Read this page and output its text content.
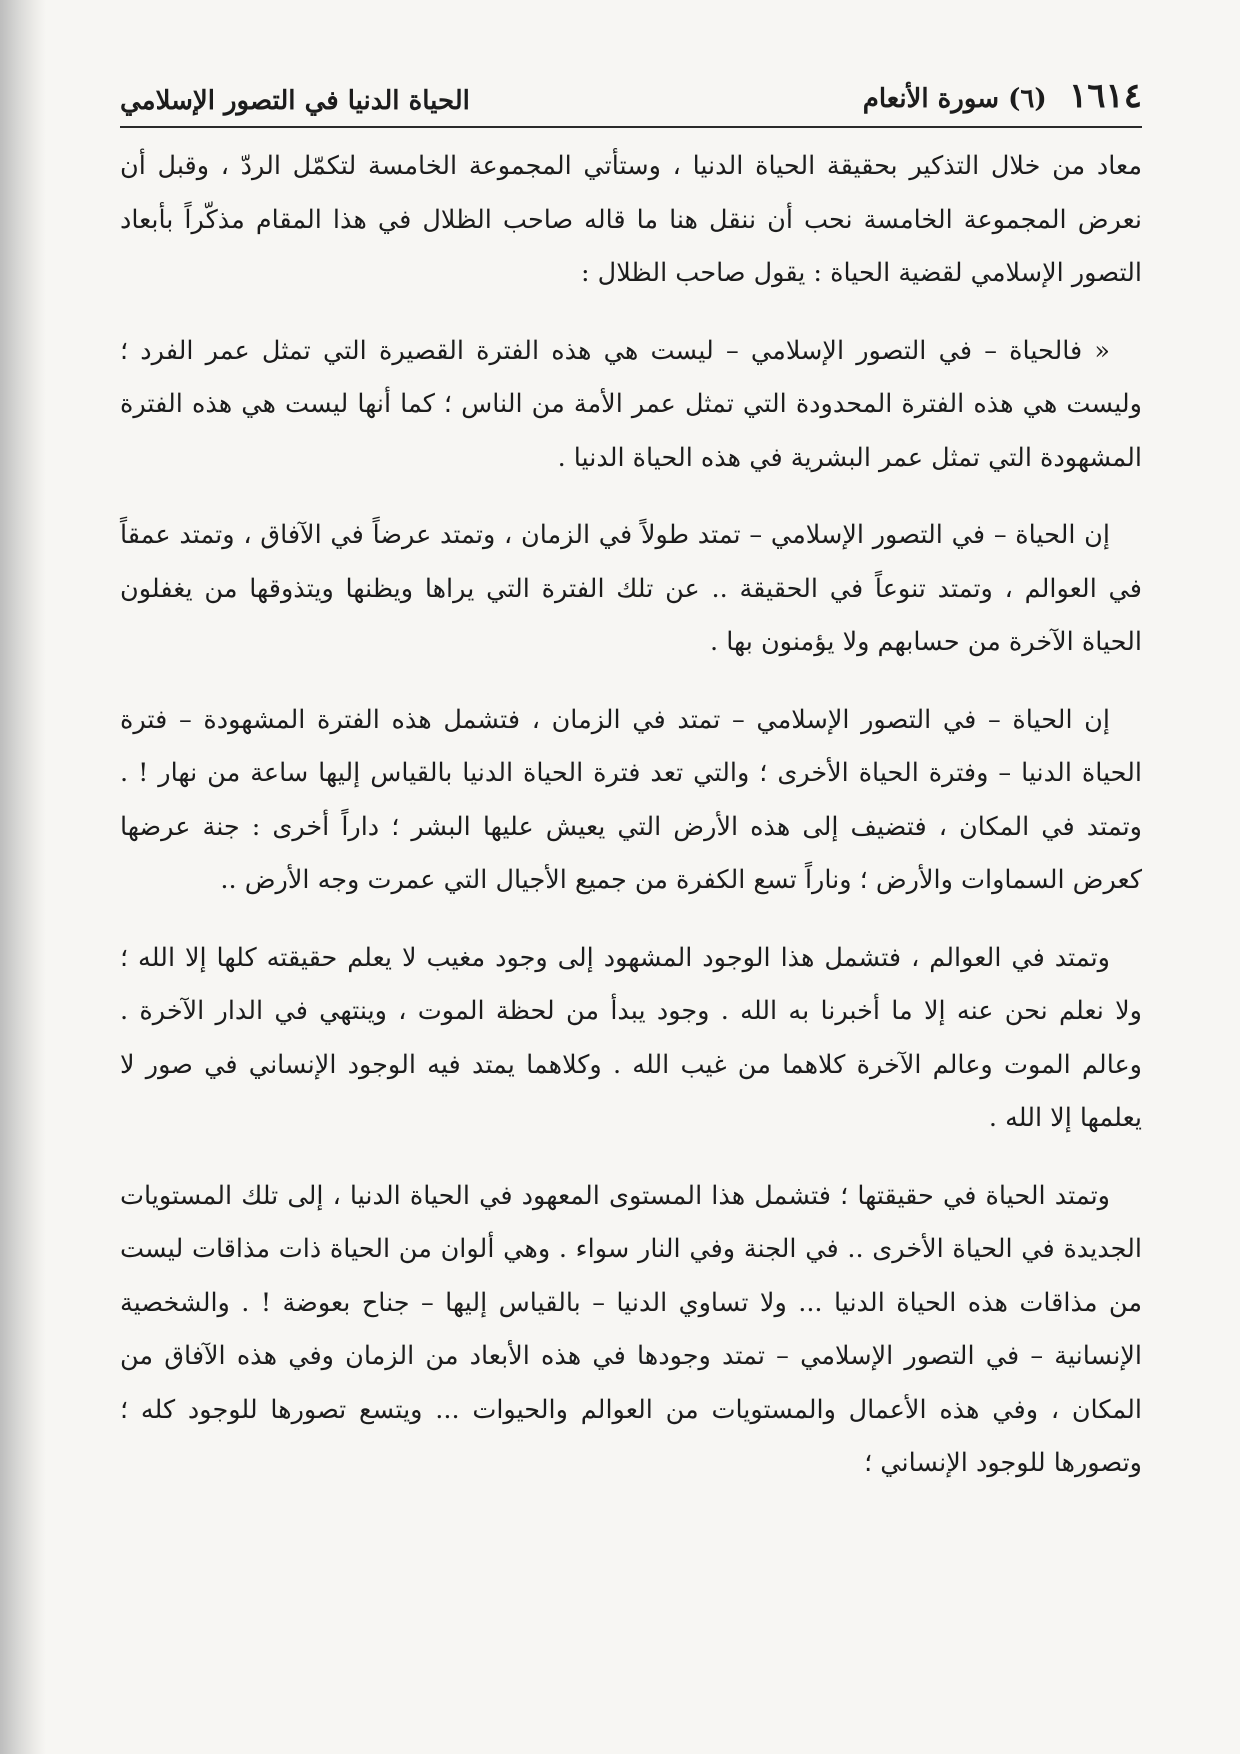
الحياة الدنيا في التصور الإسلامي	١٦١٤ (٦) سورة الأنعام

معاد من خلال التذكير بحقيقة الحياة الدنيا ، وستأتي المجموعة الخامسة لتكمّل الردّ ، وقبل أن نعرض المجموعة الخامسة نحب أن ننقل هنا ما قاله صاحب الظلال في هذا المقام مذكّراً بأبعاد التصور الإسلامي لقضية الحياة : يقول صاحب الظلال :

« فالحياة – في التصور الإسلامي – ليست هي هذه الفترة القصيرة التي تمثل عمر الفرد ؛ وليست هي هذه الفترة المحدودة التي تمثل عمر الأمة من الناس ؛ كما أنها ليست هي هذه الفترة المشهودة التي تمثل عمر البشرية في هذه الحياة الدنيا .

إن الحياة – في التصور الإسلامي – تمتد طولاً في الزمان ، وتمتد عرضاً في الآفاق ، وتمتد عمقاً في العوالم ، وتمتد تنوعاً في الحقيقة .. عن تلك الفترة التي يراها ويظنها ويتذوقها من يغفلون الحياة الآخرة من حسابهم ولا يؤمنون بها .

إن الحياة – في التصور الإسلامي – تمتد في الزمان ، فتشمل هذه الفترة المشهودة – فترة الحياة الدنيا – وفترة الحياة الأخرى ؛ والتي تعد فترة الحياة الدنيا بالقياس إليها ساعة من نهار ! . وتمتد في المكان ، فتضيف إلى هذه الأرض التي يعيش عليها البشر ؛ داراً أخرى : جنة عرضها كعرض السماوات والأرض ؛ وناراً تسع الكفرة من جميع الأجيال التي عمرت وجه الأرض ..

وتمتد في العوالم ، فتشمل هذا الوجود المشهود إلى وجود مغيب لا يعلم حقيقته كلها إلا الله ؛ ولا نعلم نحن عنه إلا ما أخبرنا به الله . وجود يبدأ من لحظة الموت ، وينتهي في الدار الآخرة . وعالم الموت وعالم الآخرة كلاهما من غيب الله . وكلاهما يمتد فيه الوجود الإنساني في صور لا يعلمها إلا الله .

وتمتد الحياة في حقيقتها ؛ فتشمل هذا المستوى المعهود في الحياة الدنيا ، إلى تلك المستويات الجديدة في الحياة الأخرى .. في الجنة وفي النار سواء . وهي ألوان من الحياة ذات مذاقات ليست من مذاقات هذه الحياة الدنيا ... ولا تساوي الدنيا – بالقياس إليها – جناح بعوضة ! . والشخصية الإنسانية – في التصور الإسلامي – تمتد وجودها في هذه الأبعاد من الزمان وفي هذه الآفاق من المكان ، وفي هذه الأعمال والمستويات من العوالم والحيوات ... ويتسع تصورها للوجود كله ؛ وتصورها للوجود الإنساني ؛
